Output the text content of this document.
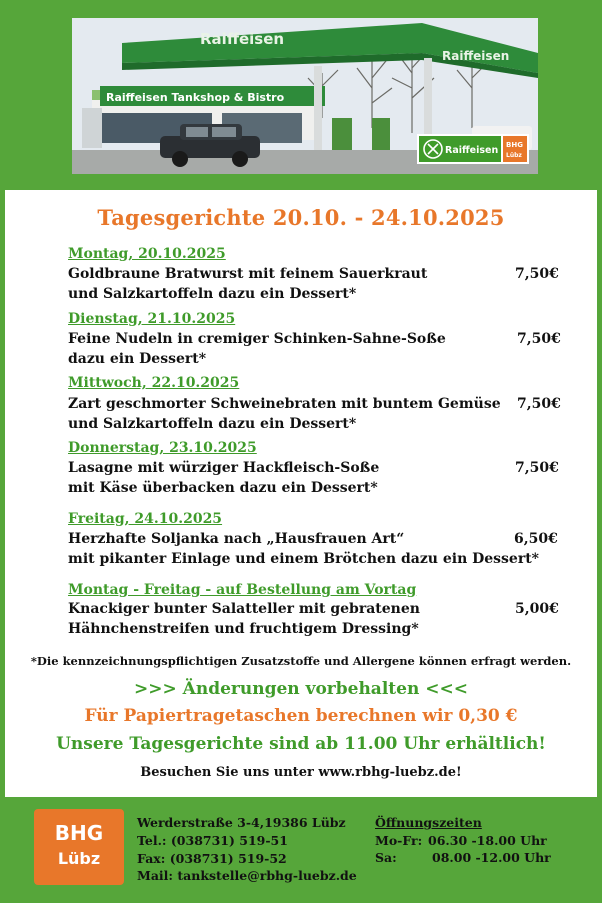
Raiffeisen Tankshop & Bistro
Raiffeisen
Raiffeisen
Raiffeisen BHG
Lübz
Tagesgerichte 20.10. - 24.10.2025
Montag, 20.10.2025
Goldbraune Bratwurst mit feinem Sauerkraut
und Salzkartoffeln dazu ein Dessert*
7,50€
Dienstag, 21.10.2025
Feine Nudeln in cremiger Schinken-Sahne-Soße
dazu ein Dessert*
7,50€
Mittwoch, 22.10.2025
Zart geschmorter Schweinebraten mit buntem Gemüse
und Salzkartoffeln dazu ein Dessert*
7,50€
Donnerstag, 23.10.2025
Lasagne mit würziger Hackfleisch-Soße
mit Käse überbacken dazu ein Dessert*
7,50€
Freitag, 24.10.2025
Herzhafte Soljanka nach „Hausfrauen Art“
mit pikanter Einlage und einem Brötchen dazu ein Dessert*
6,50€
Montag - Freitag - auf Bestellung am Vortag
Knackiger bunter Salatteller mit gebratenen
Hähnchenstreifen und fruchtigem Dressing*
5,00€
*Die kennzeichnungspflichtigen Zusatzstoffe und Allergene können erfragt werden.
>>> Änderungen vorbehalten <<<
Für Papiertragetaschen berechnen wir 0,30 €
Unsere Tagesgerichte sind ab 11.00 Uhr erhältlich!
Besuchen Sie uns unter www.rbhg-luebz.de!
BHG
Lübz
Werderstraße 3-4,19386 Lübz
Tel.: (038731) 519-51
Fax: (038731) 519-52
Mail: tankstelle@rbhg-luebz.de
Öffnungszeiten
Mo-Fr: 06.30 -18.00 Uhr
Sa:	08.00 -12.00 Uhr
